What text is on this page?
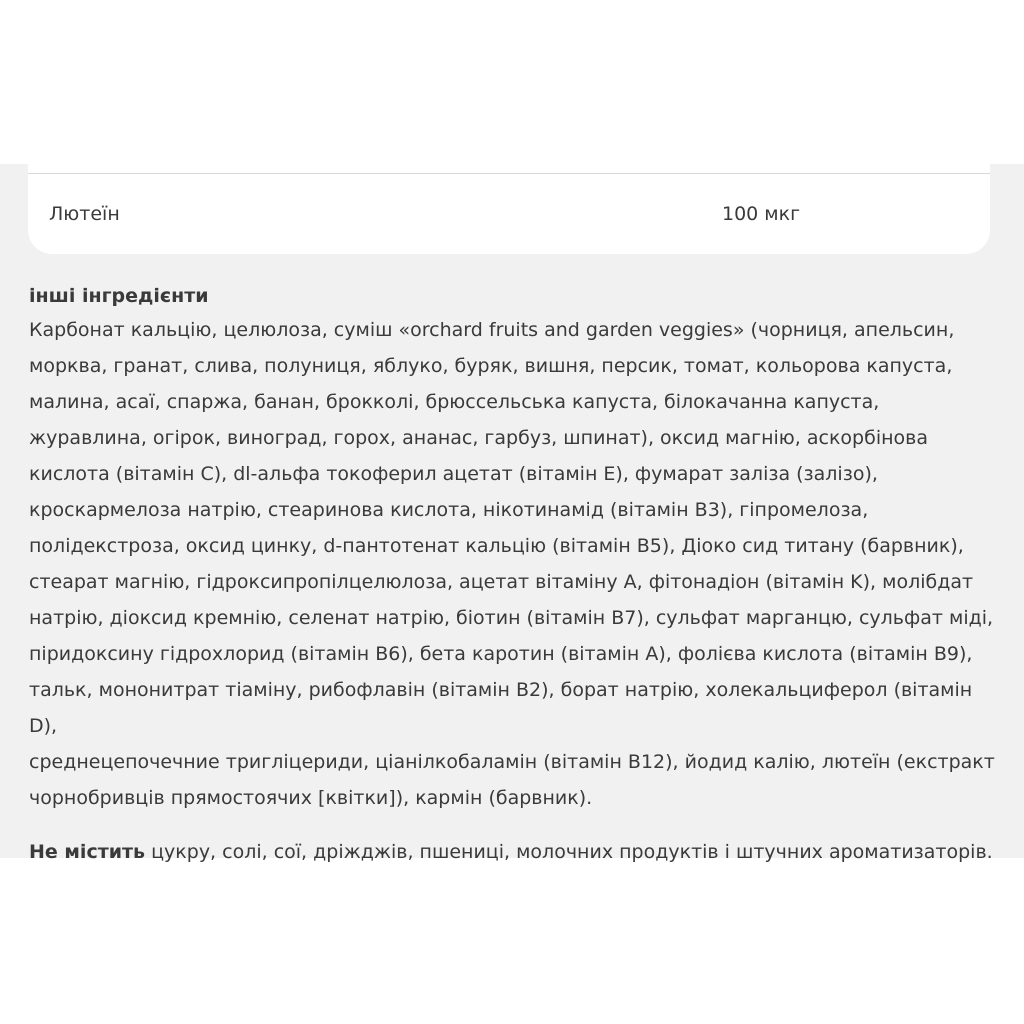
Лютеїн	100 мкг

інші інгредієнти

Карбонат кальцію, целюлоза, суміш «orchard fruits and garden veggies» (чорниця, апельсин,
морква, гранат, слива, полуниця, яблуко, буряк, вишня, персик, томат, кольорова капуста,
малина, асаї, спаржа, банан, брокколі, брюссельська капуста, білокачанна капуста,
журавлина, огірок, виноград, горох, ананас, гарбуз, шпинат), оксид магнію, аскорбінова
кислота (вітамін C), dl-альфа токоферил ацетат (вітамін E), фумарат заліза (залізо),
кроскармелоза натрію, стеаринова кислота, нікотинамід (вітамін B3), гіпромелоза,
полідекстроза, оксид цинку, d-пантотенат кальцію (вітамін B5), Діоко сид титану (барвник),
стеарат магнію, гідроксипропілцелюлоза, ацетат вітаміну A, фітонадіон (вітамін K), молібдат
натрію, діоксид кремнію, селенат натрію, біотин (вітамін B7), сульфат марганцю, сульфат міді,
піридоксину гідрохлорид (вітамін B6), бета каротин (вітамін A), фолієва кислота (вітамін B9),
тальк, мононитрат тіаміну, рибофлавін (вітамін B2), борат натрію, холекальциферол (вітамін D),
среднецепочечние тригліцериди, ціанілкобаламін (вітамін B12), йодид калію, лютеїн (екстракт
чорнобривців прямостоячих [квітки]), кармін (барвник).

Не містить цукру, солі, сої, дріжджів, пшениці, молочних продуктів і штучних ароматизаторів.
